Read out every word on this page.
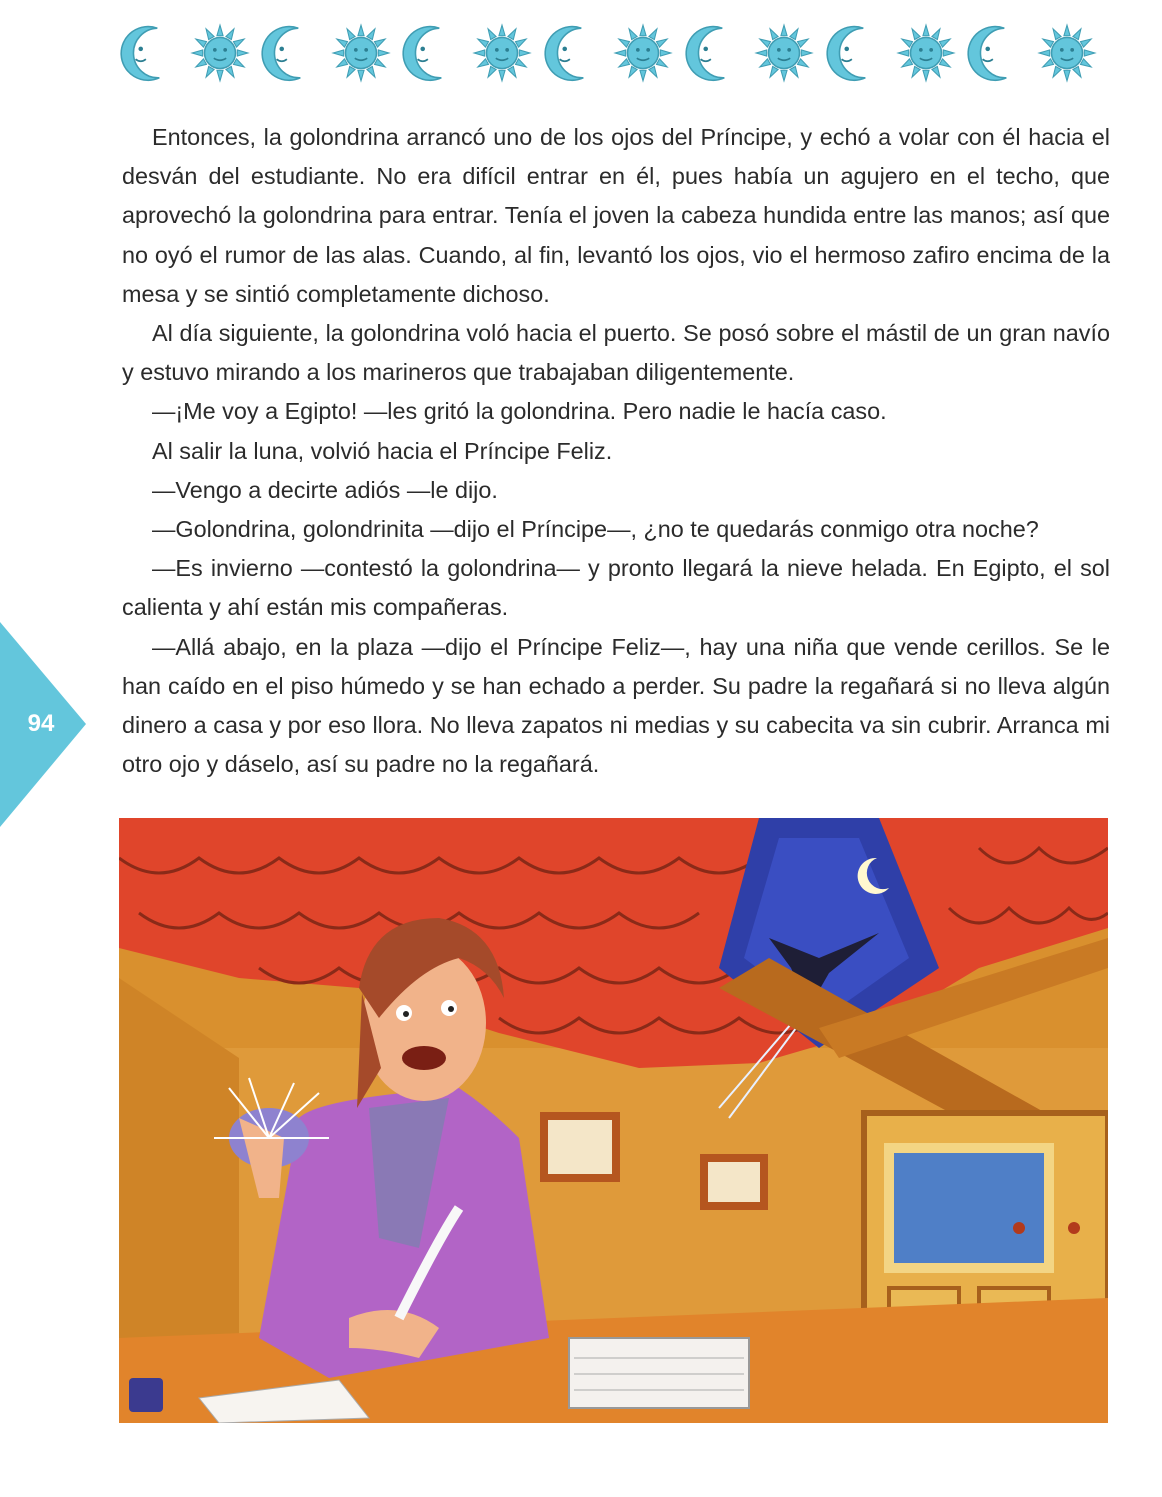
Entonces, la golondrina arrancó uno de los ojos del Príncipe, y echó a volar con él hacia el desván del estudiante. No era difícil entrar en él, pues había un agujero en el techo, que aprovechó la golondrina para entrar. Tenía el joven la cabeza hundida entre las manos; así que no oyó el rumor de las alas. Cuando, al fin, levantó los ojos, vio el hermoso zafiro encima de la mesa y se sintió completamente dichoso.

Al día siguiente, la golondrina voló hacia el puerto. Se posó sobre el mástil de un gran navío y estuvo mirando a los marineros que trabajaban diligentemente.

—¡Me voy a Egipto! —les gritó la golondrina. Pero nadie le hacía caso.

Al salir la luna, volvió hacia el Príncipe Feliz.

—Vengo a decirte adiós —le dijo.

—Golondrina, golondrinita —dijo el Príncipe—, ¿no te quedarás conmigo otra noche?

—Es invierno —contestó la golondrina— y pronto llegará la nieve helada. En Egipto, el sol calienta y ahí están mis compañeras.

—Allá abajo, en la plaza —dijo el Príncipe Feliz—, hay una niña que vende cerillos. Se le han caído en el piso húmedo y se han echado a perder. Su padre la regañará si no lleva algún dinero a casa y por eso llora. No lleva zapatos ni medias y su cabecita va sin cubrir. Arranca mi otro ojo y dáselo, así su padre no la regañará.

94
